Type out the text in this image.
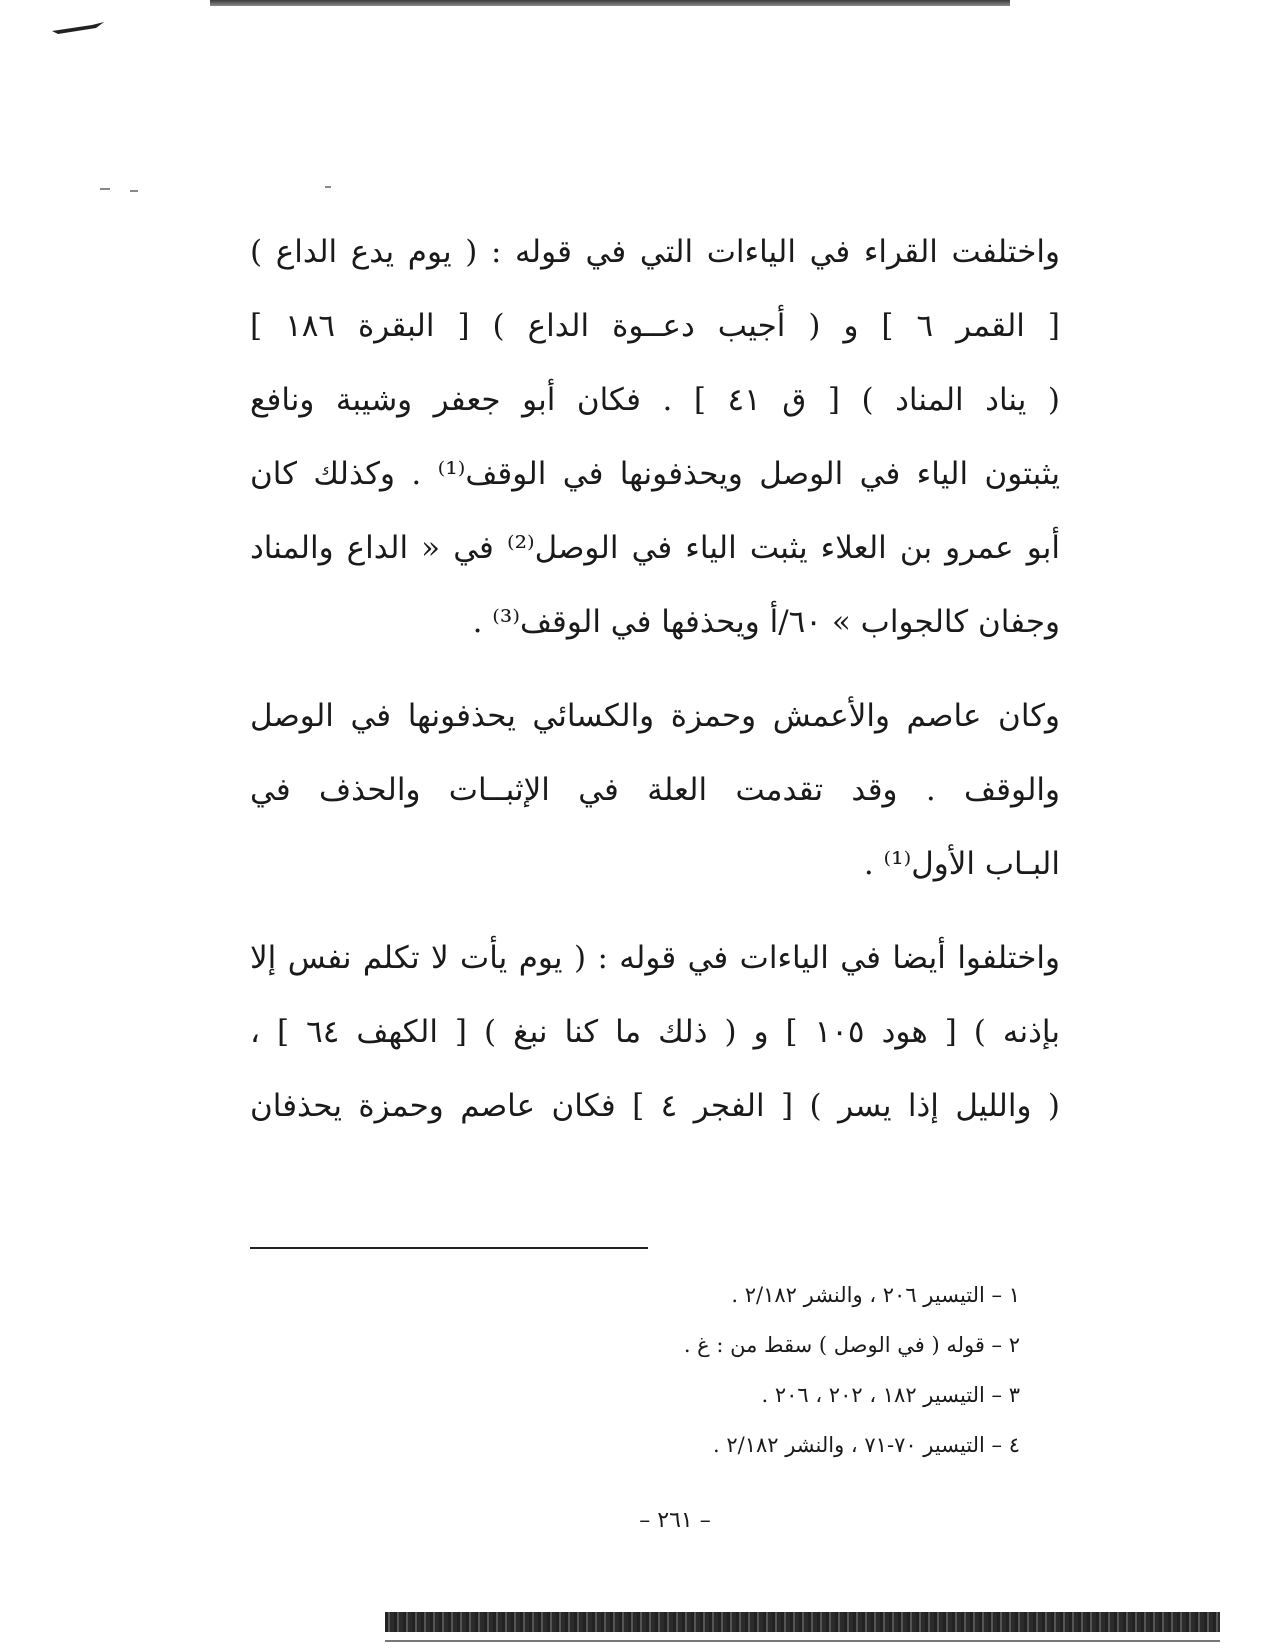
واختلفت القراء في الياءات التي في قوله : ( يوم يدع الداع )

[ القمر ٦ ] و ( أجيب دعــوة الداع ) [ البقرة ١٨٦ ]

( يناد المناد ) [ ق ٤١ ] . فكان أبو جعفر وشيبة ونافع

يثبتون الياء في الوصل ويحذفونها في الوقف⁽¹⁾ . وكذلك كان

أبو عمرو بن العلاء يثبت الياء في الوصل⁽²⁾ في « الداع والمناد

وجفان كالجواب » ٦٠/أ ويحذفها في الوقف⁽³⁾ .

وكان عاصم والأعمش وحمزة والكسائي يحذفونها في الوصل

والوقف . وقد تقدمت العلة في الإثبــات والحذف في

البـاب الأول⁽¹⁾ .

واختلفوا أيضا في الياءات في قوله : ( يوم يأت لا تكلم نفس إلا

بإذنه ) [ هود ١٠٥ ] و ( ذلك ما كنا نبغ ) [ الكهف ٦٤ ] ،

( والليل إذا يسر ) [ الفجر ٤ ] فكان عاصم وحمزة يحذفان

١ – التيسير ٢٠٦ ، والنشر ٢/١٨٢ .
٢ – قوله ( في الوصل ) سقط من : غ .
٣ – التيسير ١٨٢ ، ٢٠٢ ، ٢٠٦ .
٤ – التيسير ٧٠-٧١ ، والنشر ٢/١٨٢ .
– ٢٦١ –
